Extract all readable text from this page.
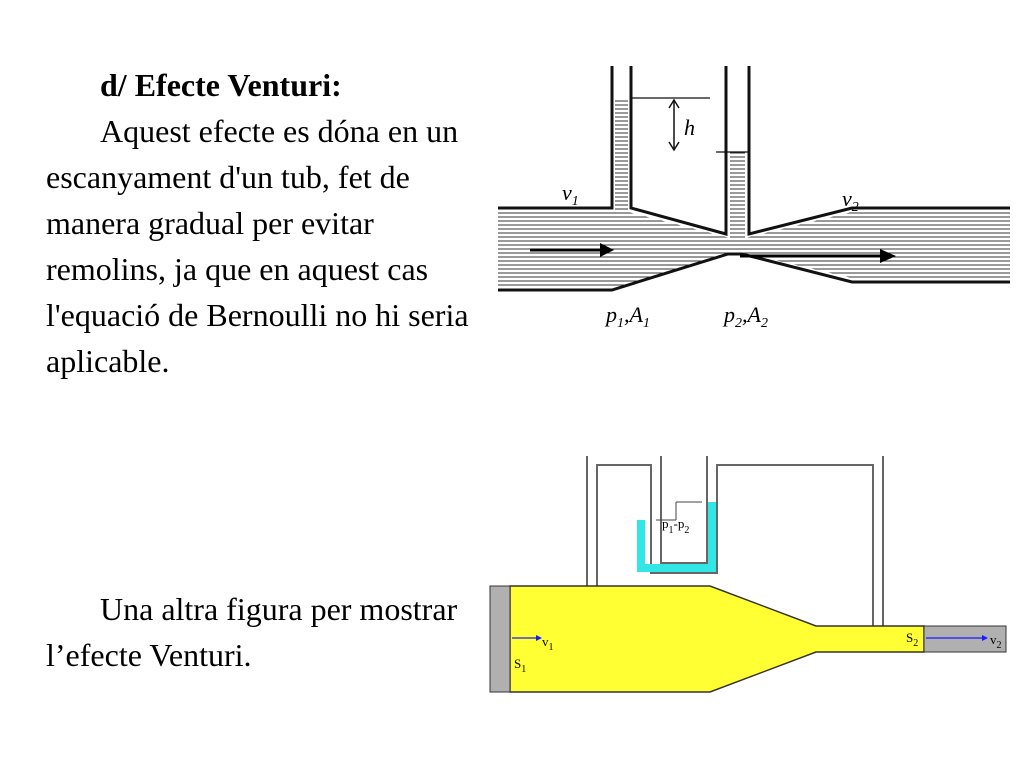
d/ Efecte Venturi:

Aquest efecte es dóna en un escanyament d'un tub, fet de manera gradual per evitar remolins, ja que en aquest cas l'equació de Bernoulli no hi seria aplicable.

Una altra figura per mostrar l’efecte Venturi.

h
$v_1$	$v_2$
$p_1,A_1$	$p_2,A_2$
$p_1-p_2$
$v_1$
$S_1$
$S_2$	$v_2$
